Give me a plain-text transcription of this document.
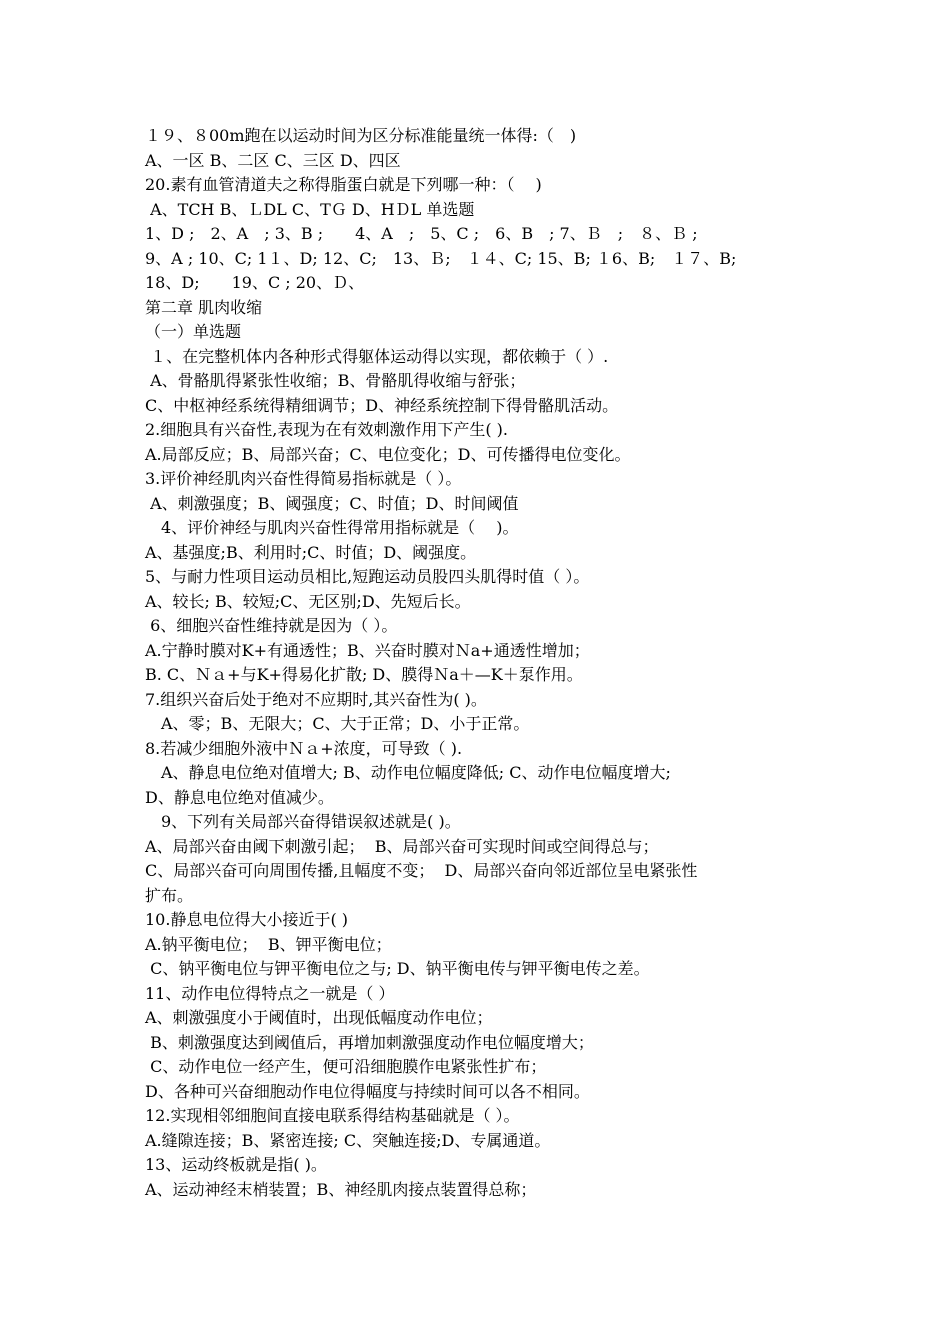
１９、８00m跑在以运动时间为区分标准能量统一体得:（　)
A、一区 B、二区 C、三区 D、四区
20.素有血管清道夫之称得脂蛋白就是下列哪一种：（　 )
A、TCH B、ＬDL C、TＧ D、HＤL 单选题
1、D ;　2、A　; 3、B ;　　4、A　;　5、C ;　6、B　; 7、Ｂ　;　８、Ｂ ;
9、A ; 10、C; 1１、D; 12、C;　13、Ｂ;　１４、C; 15、B; １6、B;　１７、B;
18、D;　　19、C ; 20、Ｄ、
第二章 肌肉收缩
（一）单选题
１、在完整机体内各种形式得躯体运动得以实现，都依赖于（ ）.
A、骨骼肌得紧张性收缩；B、骨骼肌得收缩与舒张；
C、中枢神经系统得精细调节；D、神经系统控制下得骨骼肌活动。
2.细胞具有兴奋性,表现为在有效刺激作用下产生( ).
A.局部反应；B、局部兴奋；C、电位变化；D、可传播得电位变化。
3.评价神经肌肉兴奋性得简易指标就是（ ）。
A、刺激强度；B、阈强度；C、时值；D、时间阈值
　4、评价神经与肌肉兴奋性得常用指标就是（　 )。
A、基强度;B、利用时;C、时值；D、阈强度。
5、与耐力性项目运动员相比,短跑运动员股四头肌得时值（ ）。
A、较长; B、较短;C、无区别;D、先短后长。
6、细胞兴奋性维持就是因为（ ）。
A.宁静时膜对K+有通透性；B、兴奋时膜对Ｎa+通透性增加；
B. C、Ｎａ+与K+得易化扩散; D、膜得Ｎa＋—K＋泵作用。
7.组织兴奋后处于绝对不应期时,其兴奋性为( )。
　A、零；B、无限大；C、大于正常；D、小于正常。
8.若减少细胞外液中Ｎａ+浓度，可导致（ ).
　A、静息电位绝对值增大; B、动作电位幅度降低; C、动作电位幅度增大;
D、静息电位绝对值减少。
　9、下列有关局部兴奋得错误叙述就是( )。
A、局部兴奋由阈下刺激引起；  B、局部兴奋可实现时间或空间得总与；
C、局部兴奋可向周围传播,且幅度不变；  D、局部兴奋向邻近部位呈电紧张性
扩布。
10.静息电位得大小接近于( )
A.钠平衡电位；  B、钾平衡电位；
C、钠平衡电位与钾平衡电位之与; D、钠平衡电传与钾平衡电传之差。
11、动作电位得特点之一就是（ ）
A、刺激强度小于阈值时，出现低幅度动作电位；
B、刺激强度达到阈值后，再增加刺激强度动作电位幅度增大；
C、动作电位一经产生，便可沿细胞膜作电紧张性扩布；
D、各种可兴奋细胞动作电位得幅度与持续时间可以各不相同。
12.实现相邻细胞间直接电联系得结构基础就是（ ）。
A.缝隙连接；B、紧密连接; C、突触连接;D、专属通道。
13、运动终板就是指( )。
A、运动神经末梢装置；B、神经肌肉接点装置得总称；
